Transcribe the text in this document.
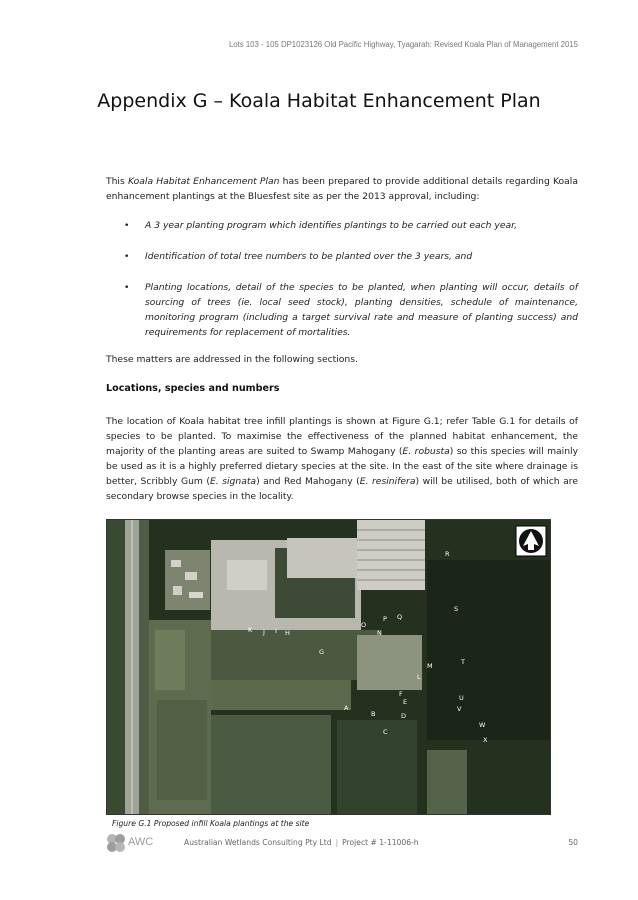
Lots 103 - 105 DP1023126 Old Pacific Highway, Tyagarah: Revised Koala Plan of Management 2015
Appendix G – Koala Habitat Enhancement Plan
This Koala Habitat Enhancement Plan has been prepared to provide additional details regarding Koala enhancement plantings at the Bluesfest site as per the 2013 approval, including:
• A 3 year planting program which identifies plantings to be carried out each year,
• Identification of total tree numbers to be planted over the 3 years, and
• Planting locations, detail of the species to be planted, when planting will occur, details of sourcing of trees (ie. local seed stock), planting densities, schedule of maintenance, monitoring program (including a target survival rate and measure of planting success) and requirements for replacement of mortalities.
These matters are addressed in the following sections.
Locations, species and numbers
The location of Koala habitat tree infill plantings is shown at Figure G.1; refer Table G.1 for details of species to be planted. To maximise the effectiveness of the planned habitat enhancement, the majority of the planting areas are suited to Swamp Mahogany (E. robusta) so this species will mainly be used as it is a highly preferred dietary species at the site. In the east of the site where drainage is better, Scribbly Gum (E. signata) and Red Mahogany (E. resinifera) will be utilised, both of which are secondary browse species in the locality.
A
B
C
D
E
F
G
H
I
J
K
L
M
N
O
P Q
R
S
T
U
V
W
X
Figure G.1 Proposed infill Koala plantings at the site
AWC	Australian Wetlands Consulting Pty Ltd | Project # 1-11006-h	50
